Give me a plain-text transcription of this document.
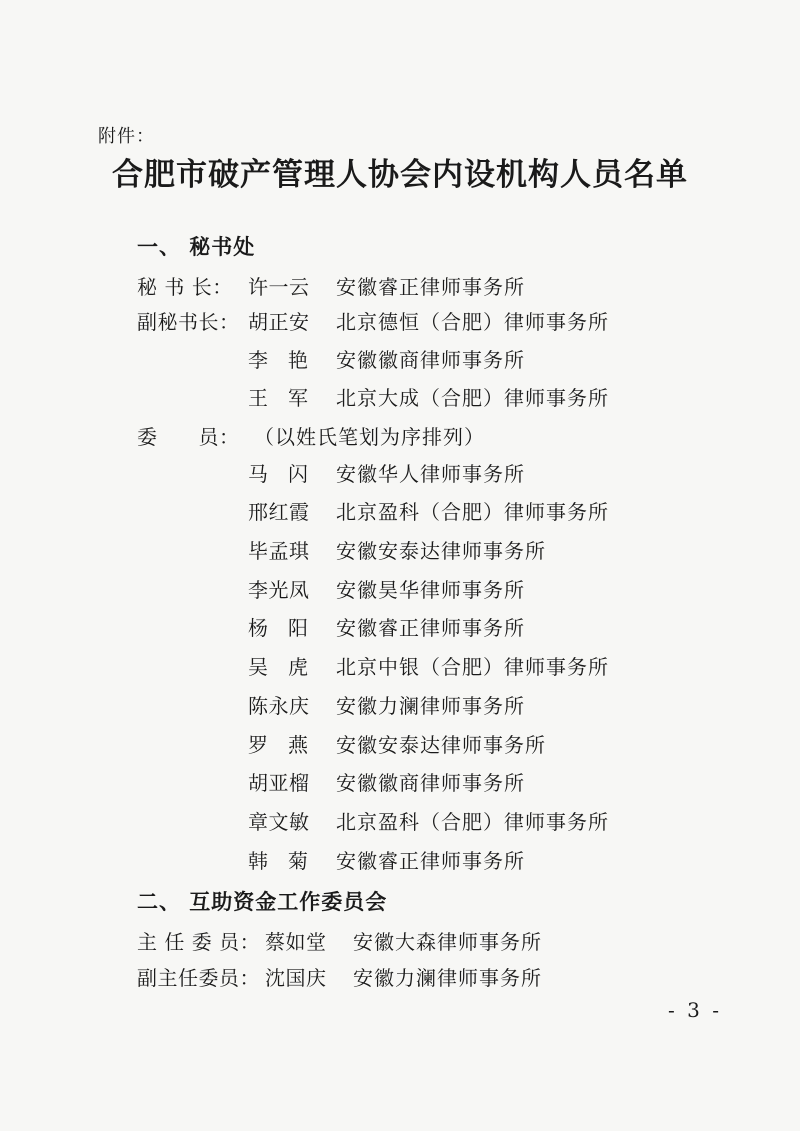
附件：
合肥市破产管理人协会内设机构人员名单
一、 秘书处
秘 书 长： 许一云 安徽睿正律师事务所
副秘书长： 胡正安 北京德恒（合肥）律师事务所
李　艳 安徽徽商律师事务所
王　军 北京大成（合肥）律师事务所
委　　员： （以姓氏笔划为序排列）
马　闪 安徽华人律师事务所
邢红霞 北京盈科（合肥）律师事务所
毕孟琪 安徽安泰达律师事务所
李光凤 安徽昊华律师事务所
杨　阳 安徽睿正律师事务所
吴　虎 北京中银（合肥）律师事务所
陈永庆 安徽力澜律师事务所
罗　燕 安徽安泰达律师事务所
胡亚榴 安徽徽商律师事务所
章文敏 北京盈科（合肥）律师事务所
韩　菊 安徽睿正律师事务所
二、 互助资金工作委员会
主 任 委 员： 蔡如堂 安徽大森律师事务所
副主任委员： 沈国庆 安徽力澜律师事务所
- 3 -
